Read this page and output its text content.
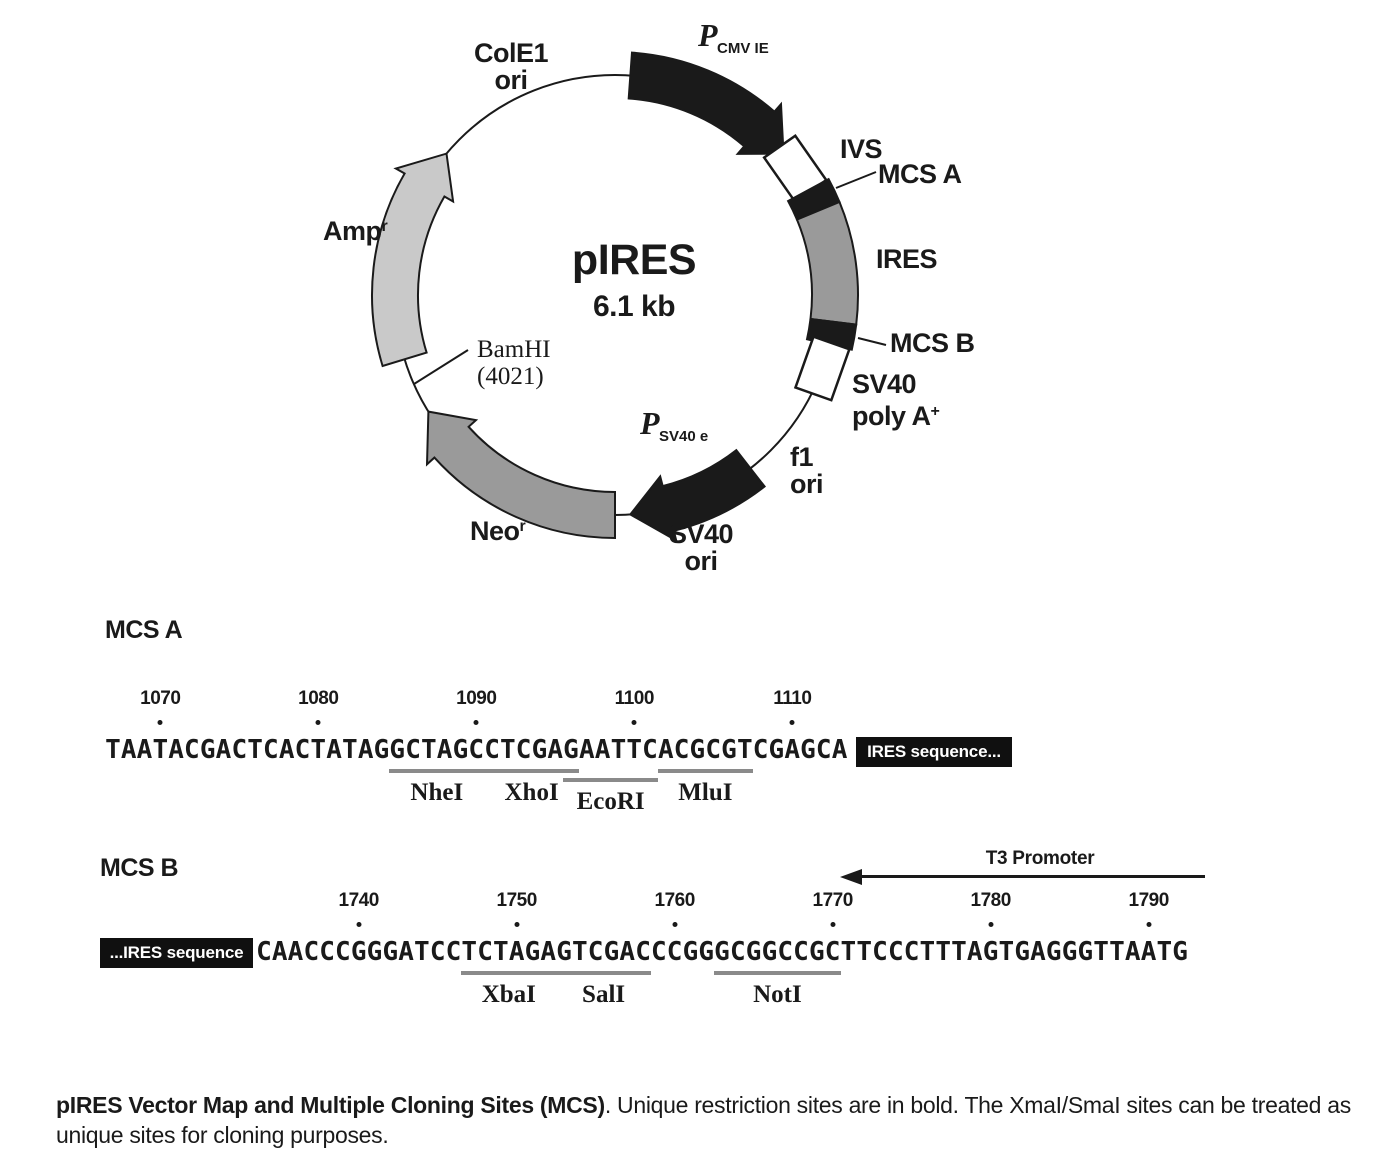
ColE1
ori
$P_{CMV IE}$
IVS
MCS A
IRES
MCS B
SV40
poly A+
f1
ori
$P_{SV40 e}$
SV40
ori
Neo$^r$
BamHI
(4021)
Amp$^r$
pIRES
6.1 kb
MCS A
1070	1080	1090	1100	1110
TAATACGACTCACTATAGGCTAGCCTCGAGAATTCACGCGTCGAGCA
NheI XhoI EcoRI MluI
IRES sequence...
MCS B
1740	1750	1760	1770	1780	1790
CAACCCGGGATCCTCTAGAGTCGACCCGGGCGGCCGCTTCCCTTTAGTGAGGGTTAATG
XbaI SalI	NotI
...IRES sequence
T3 Promoter
pIRES Vector Map and Multiple Cloning Sites (MCS). Unique restriction sites are in bold. The XmaI/SmaI sites can be treated as unique sites for cloning purposes.
